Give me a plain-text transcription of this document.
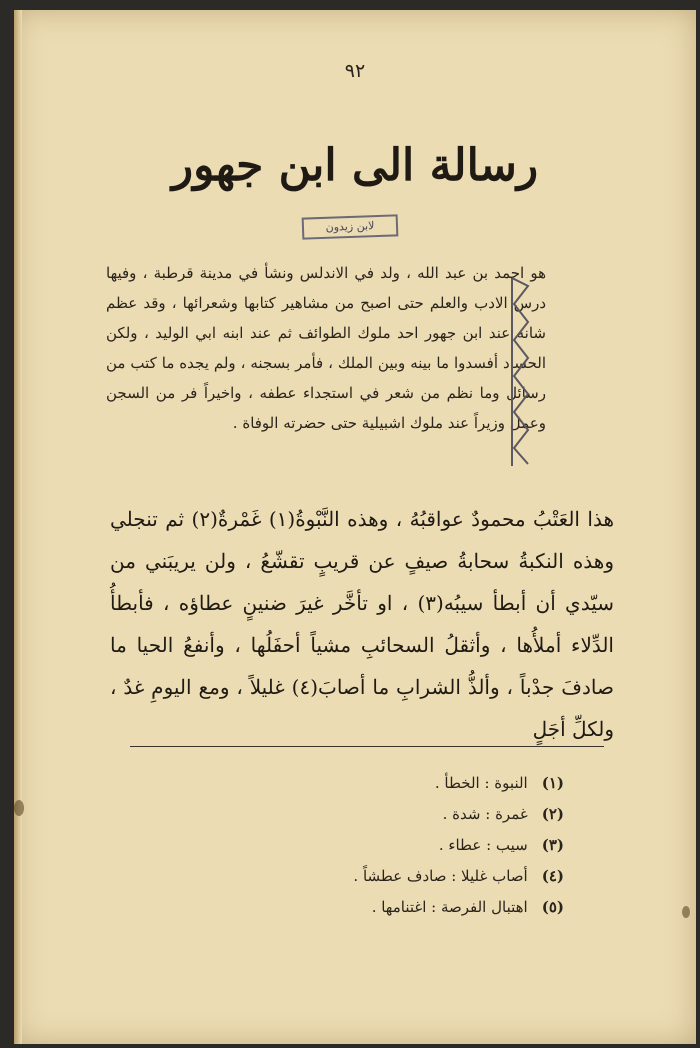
٩٢
رسالة الى ابن جهور
لابن زيدون

هو احمد بن عبد الله ، ولد في الاندلس ونشأ في مدينة قرطبة ، وفيها درس الادب والعلم حتى اصبح من مشاهير كتابها وشعرائها ، وقد عظم شانه عند ابن جهور احد ملوك الطوائف ثم عند ابنه ابي الوليد ، ولكن الحساد أفسدوا ما بينه وبين الملك ، فأمر بسجنه ، ولم يجده ما كتب من رسائل وما نظم من شعر في استجداء عطفه ، واخيراً فر من السجن وعمل وزيراً عند ملوك اشبيلية حتى حضرته الوفاة .

هذا العَتْبُ محمودٌ عواقبُهُ ، وهذه النَّبْوةُ(١) غَمْرةٌ(٢) ثم تنجلي وهذه النكبةُ سحابةُ صيفٍ عن قريبٍ تقشّعُ ، ولن يريبَني من سيّدي أن أبطأ سيبُه(٣) ، او تأخَّر غيرَ ضنينٍ عطاؤه ، فأبطأُ الدِّلاء أملأُها ، وأثقلُ السحائبِ مشياً أحفَلُها ، وأنفعُ الحيا ما صادفَ جدْباً ، وألذُّ الشرابِ ما أصابَ(٤) غليلاً ، ومع اليومِ غدٌ ، ولكلِّ أجَلٍ

(١)
النبوة : الخطأ .
(٢)
غمرة : شدة .
(٣)
سيب : عطاء .
(٤)
أصاب غليلا : صادف عطشاً .
(٥)
اهتبال الفرصة : اغتنامها .
